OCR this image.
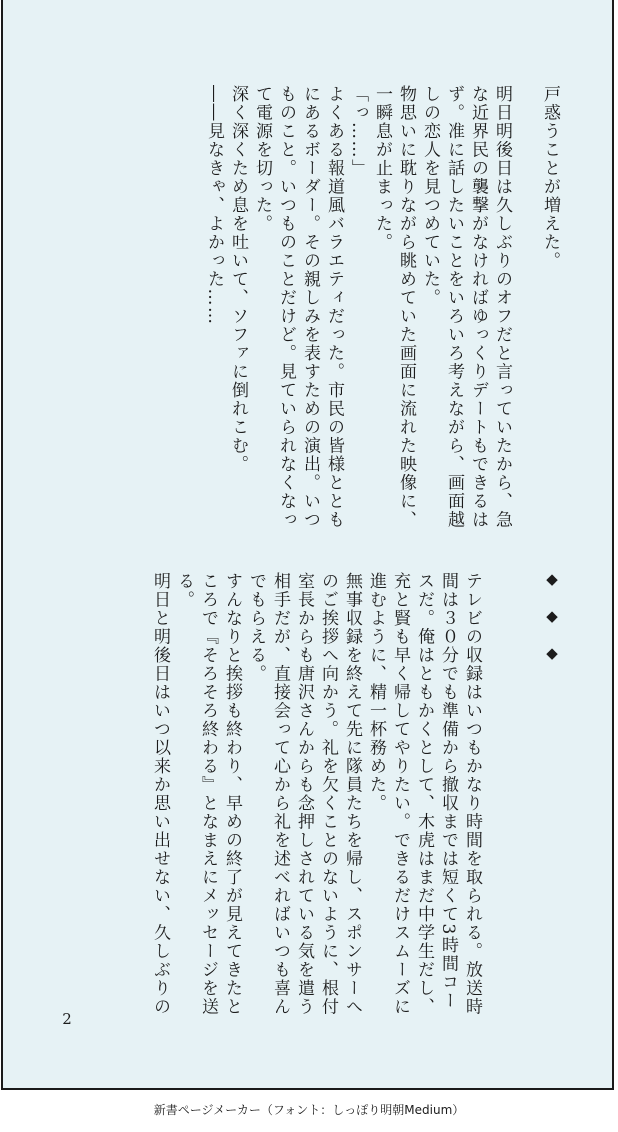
戸惑うことが増えた。
明日明後日は久しぶりのオフだと言っていたから、急
な近界民の襲撃がなければゆっくりデートもできるは
ず。准に話したいことをいろいろ考えながら、画面越
しの恋人を見つめていた。
物思いに耽りながら眺めていた画面に流れた映像に、
一瞬息が止まった。
「っ……」
よくある報道風バラエティだった。市民の皆様ととも
にあるボーダー。その親しみを表すための演出。いつ
ものこと。いつものことだけど。見ていられなくなっ
て電源を切った。
深く深くため息を吐いて、ソファに倒れこむ。
――見なきゃ、よかった……
◆
◆
◆
テレビの収録はいつもかなり時間を取られる。放送時
間は３０分でも準備から撤収までは短くて3時間コー
スだ。俺はともかくとして、木虎はまだ中学生だし、
充と賢も早く帰してやりたい。できるだけスムーズに
進むように、精一杯務めた。
無事収録を終えて先に隊員たちを帰し、スポンサーへ
のご挨拶へ向かう。礼を欠くことのないように、根付
室長からも唐沢さんからも念押しされている気を遣う
相手だが、直接会って心から礼を述べればいつも喜ん
でもらえる。
すんなりと挨拶も終わり、早めの終了が見えてきたと
ころで『そろそろ終わる』となまえにメッセージを送
る。
明日と明後日はいつ以来か思い出せない、久しぶりの
2
新書ページメーカー（フォント：しっぽり明朝Medium）
